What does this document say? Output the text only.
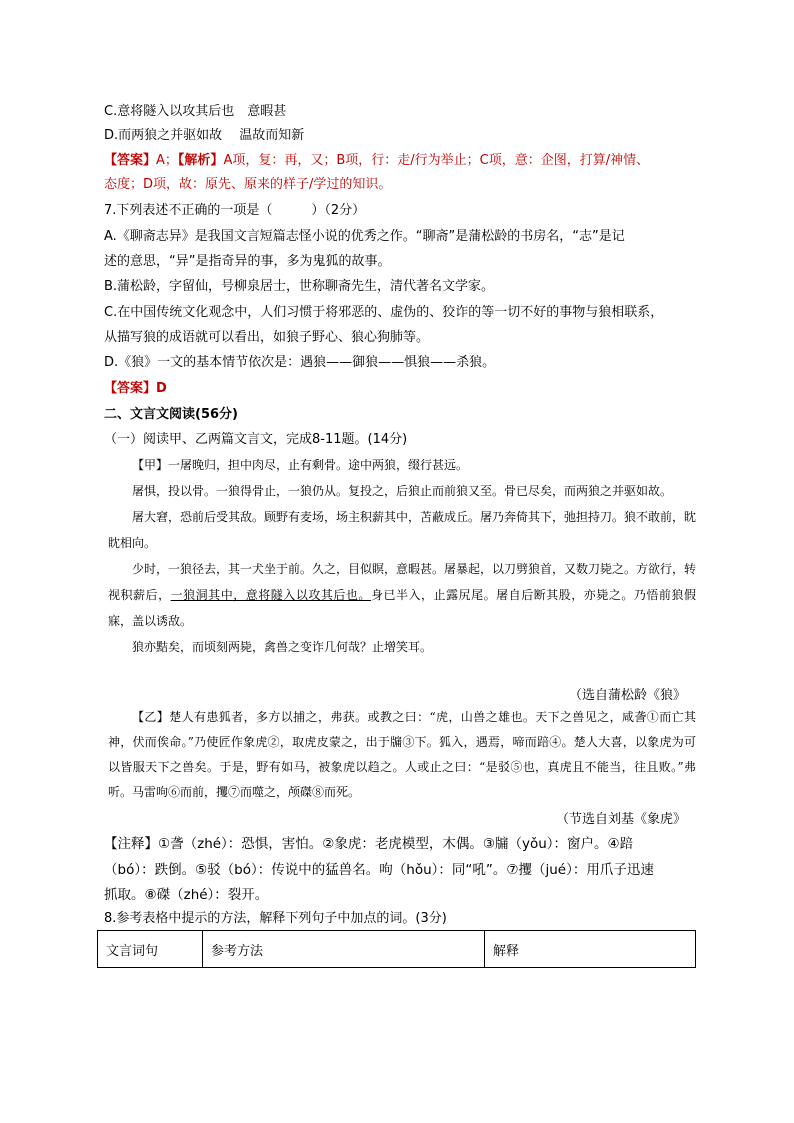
C.意将隧入以攻其后也　意暇甚
D.而两狼之并驱如故　 温故而知新
【答案】A；【解析】A项，复：再，又；B项，行：走/行为举止；C项，意：企图，打算/神情、
态度；D项，故：原先、原来的样子/学过的知识。
7.下列表述不正确的一项是（　　　）（2分）
A.《聊斋志异》是我国文言短篇志怪小说的优秀之作。“聊斋”是蒲松龄的书房名，“志”是记
述的意思，“异”是指奇异的事，多为鬼狐的故事。
B.蒲松龄，字留仙，号柳泉居士，世称聊斋先生，清代著名文学家。
C.在中国传统文化观念中，人们习惯于将邪恶的、虚伪的、狡诈的等一切不好的事物与狼相联系，
从描写狼的成语就可以看出，如狼子野心、狼心狗肺等。
D.《狼》一文的基本情节依次是：遇狼——御狼——惧狼——杀狼。
【答案】D
二、文言文阅读(56分)
（一）阅读甲、乙两篇文言文，完成8-11题。(14分)
【甲】一屠晚归，担中肉尽，止有剩骨。途中两狼，缀行甚远。
屠惧，投以骨。一狼得骨止，一狼仍从。复投之，后狼止而前狼又至。骨已尽矣，而两狼之并驱如故。
屠大窘，恐前后受其敌。顾野有麦场，场主积薪其中，苫蔽成丘。屠乃奔倚其下，弛担持刀。狼不敢前，眈眈相向。
少时，一狼径去，其一犬坐于前。久之，目似瞑，意暇甚。屠暴起，以刀劈狼首，又数刀毙之。方欲行，转视积薪后，一狼洞其中，意将隧入以攻其后也。身已半入，止露尻尾。屠自后断其股，亦毙之。乃悟前狼假寐，盖以诱敌。
狼亦黠矣，而顷刻两毙，禽兽之变诈几何哉？止增笑耳。
（选自蒲松龄《狼》
【乙】楚人有患狐者，多方以捕之，弗获。或教之曰：“虎，山兽之雄也。天下之兽见之，咸詟①而亡其神，伏而俟命。”乃使匠作象虎②，取虎皮蒙之，出于牖③下。狐入，遇焉，啼而踣④。楚人大喜，以象虎为可以皆服天下之兽矣。于是，野有如马，被象虎以趋之。人或止之曰：“是驳⑤也，真虎且不能当，往且败。”弗听。马雷呴⑥而前，攫⑦而噬之，颅磔⑧而死。
（节选自刘基《象虎》
【注释】①詟（zhé）：恐惧，害怕。②象虎：老虎模型，木偶。③牖（yǒu）：窗户。④踣
（bó）：跌倒。⑤驳（bó）：传说中的猛兽名。呴（hǒu）：同“吼”。⑦攫（jué）：用爪子迅速
抓取。⑧磔（zhé）：裂开。
8.参考表格中提示的方法，解释下列句子中加点的词。(3分)
文言词句	参考方法	解释
